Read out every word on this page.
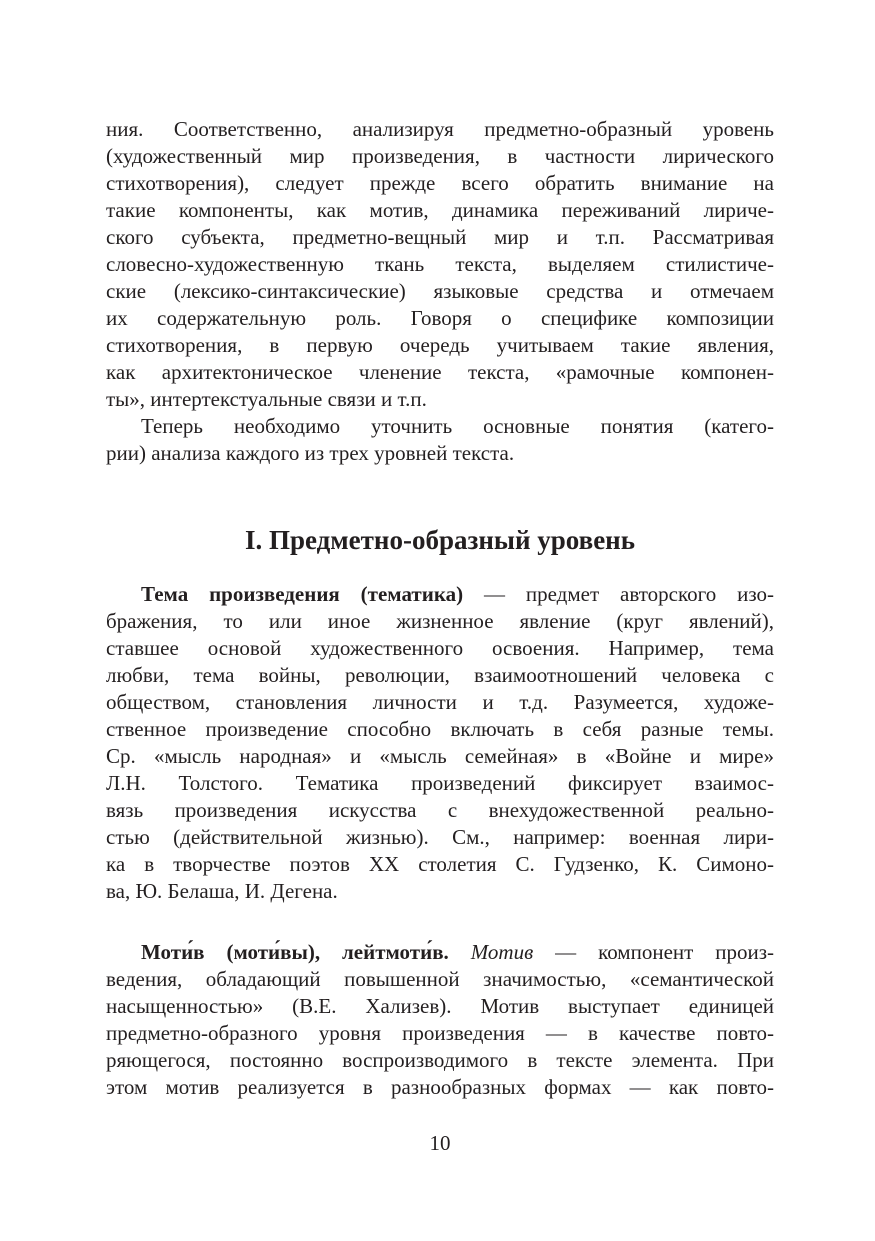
ния. Соответственно, анализируя предметно-образный уровень
(художественный мир произведения, в частности лирического
стихотворения), следует прежде всего обратить внимание на
такие компоненты, как мотив, динамика переживаний лириче-
ского субъекта, предметно-вещный мир и т.п. Рассматривая
словесно-художественную ткань текста, выделяем стилистиче-
ские (лексико-синтаксические) языковые средства и отмечаем
их содержательную роль. Говоря о специфике композиции
стихотворения, в первую очередь учитываем такие явления,
как архитектоническое членение текста, «рамочные компонен-
ты», интертекстуальные связи и т.п.
Теперь необходимо уточнить основные понятия (катего-
рии) анализа каждого из трех уровней текста.
I. Предметно-образный уровень
Тема произведения (тематика) — предмет авторского изо-
бражения, то или иное жизненное явление (круг явлений),
ставшее основой художественного освоения. Например, тема
любви, тема войны, революции, взаимоотношений человека с
обществом, становления личности и т.д. Разумеется, художе-
ственное произведение способно включать в себя разные темы.
Ср. «мысль народная» и «мысль семейная» в «Войне и мире»
Л.Н. Толстого. Тематика произведений фиксирует взаимос-
вязь произведения искусства с внехудожественной реально-
стью (действительной жизнью). См., например: военная лири-
ка в творчестве поэтов XX столетия С. Гудзенко, К. Симоно-
ва, Ю. Белаша, И. Дегена.
Моти́в (моти́вы), лейтмоти́в. Мотив — компонент произ-
ведения, обладающий повышенной значимостью, «семантической
насыщенностью» (В.Е. Хализев). Мотив выступает единицей
предметно-образного уровня произведения — в качестве повто-
ряющегося, постоянно воспроизводимого в тексте элемента. При
этом мотив реализуется в разнообразных формах — как повто-
10
